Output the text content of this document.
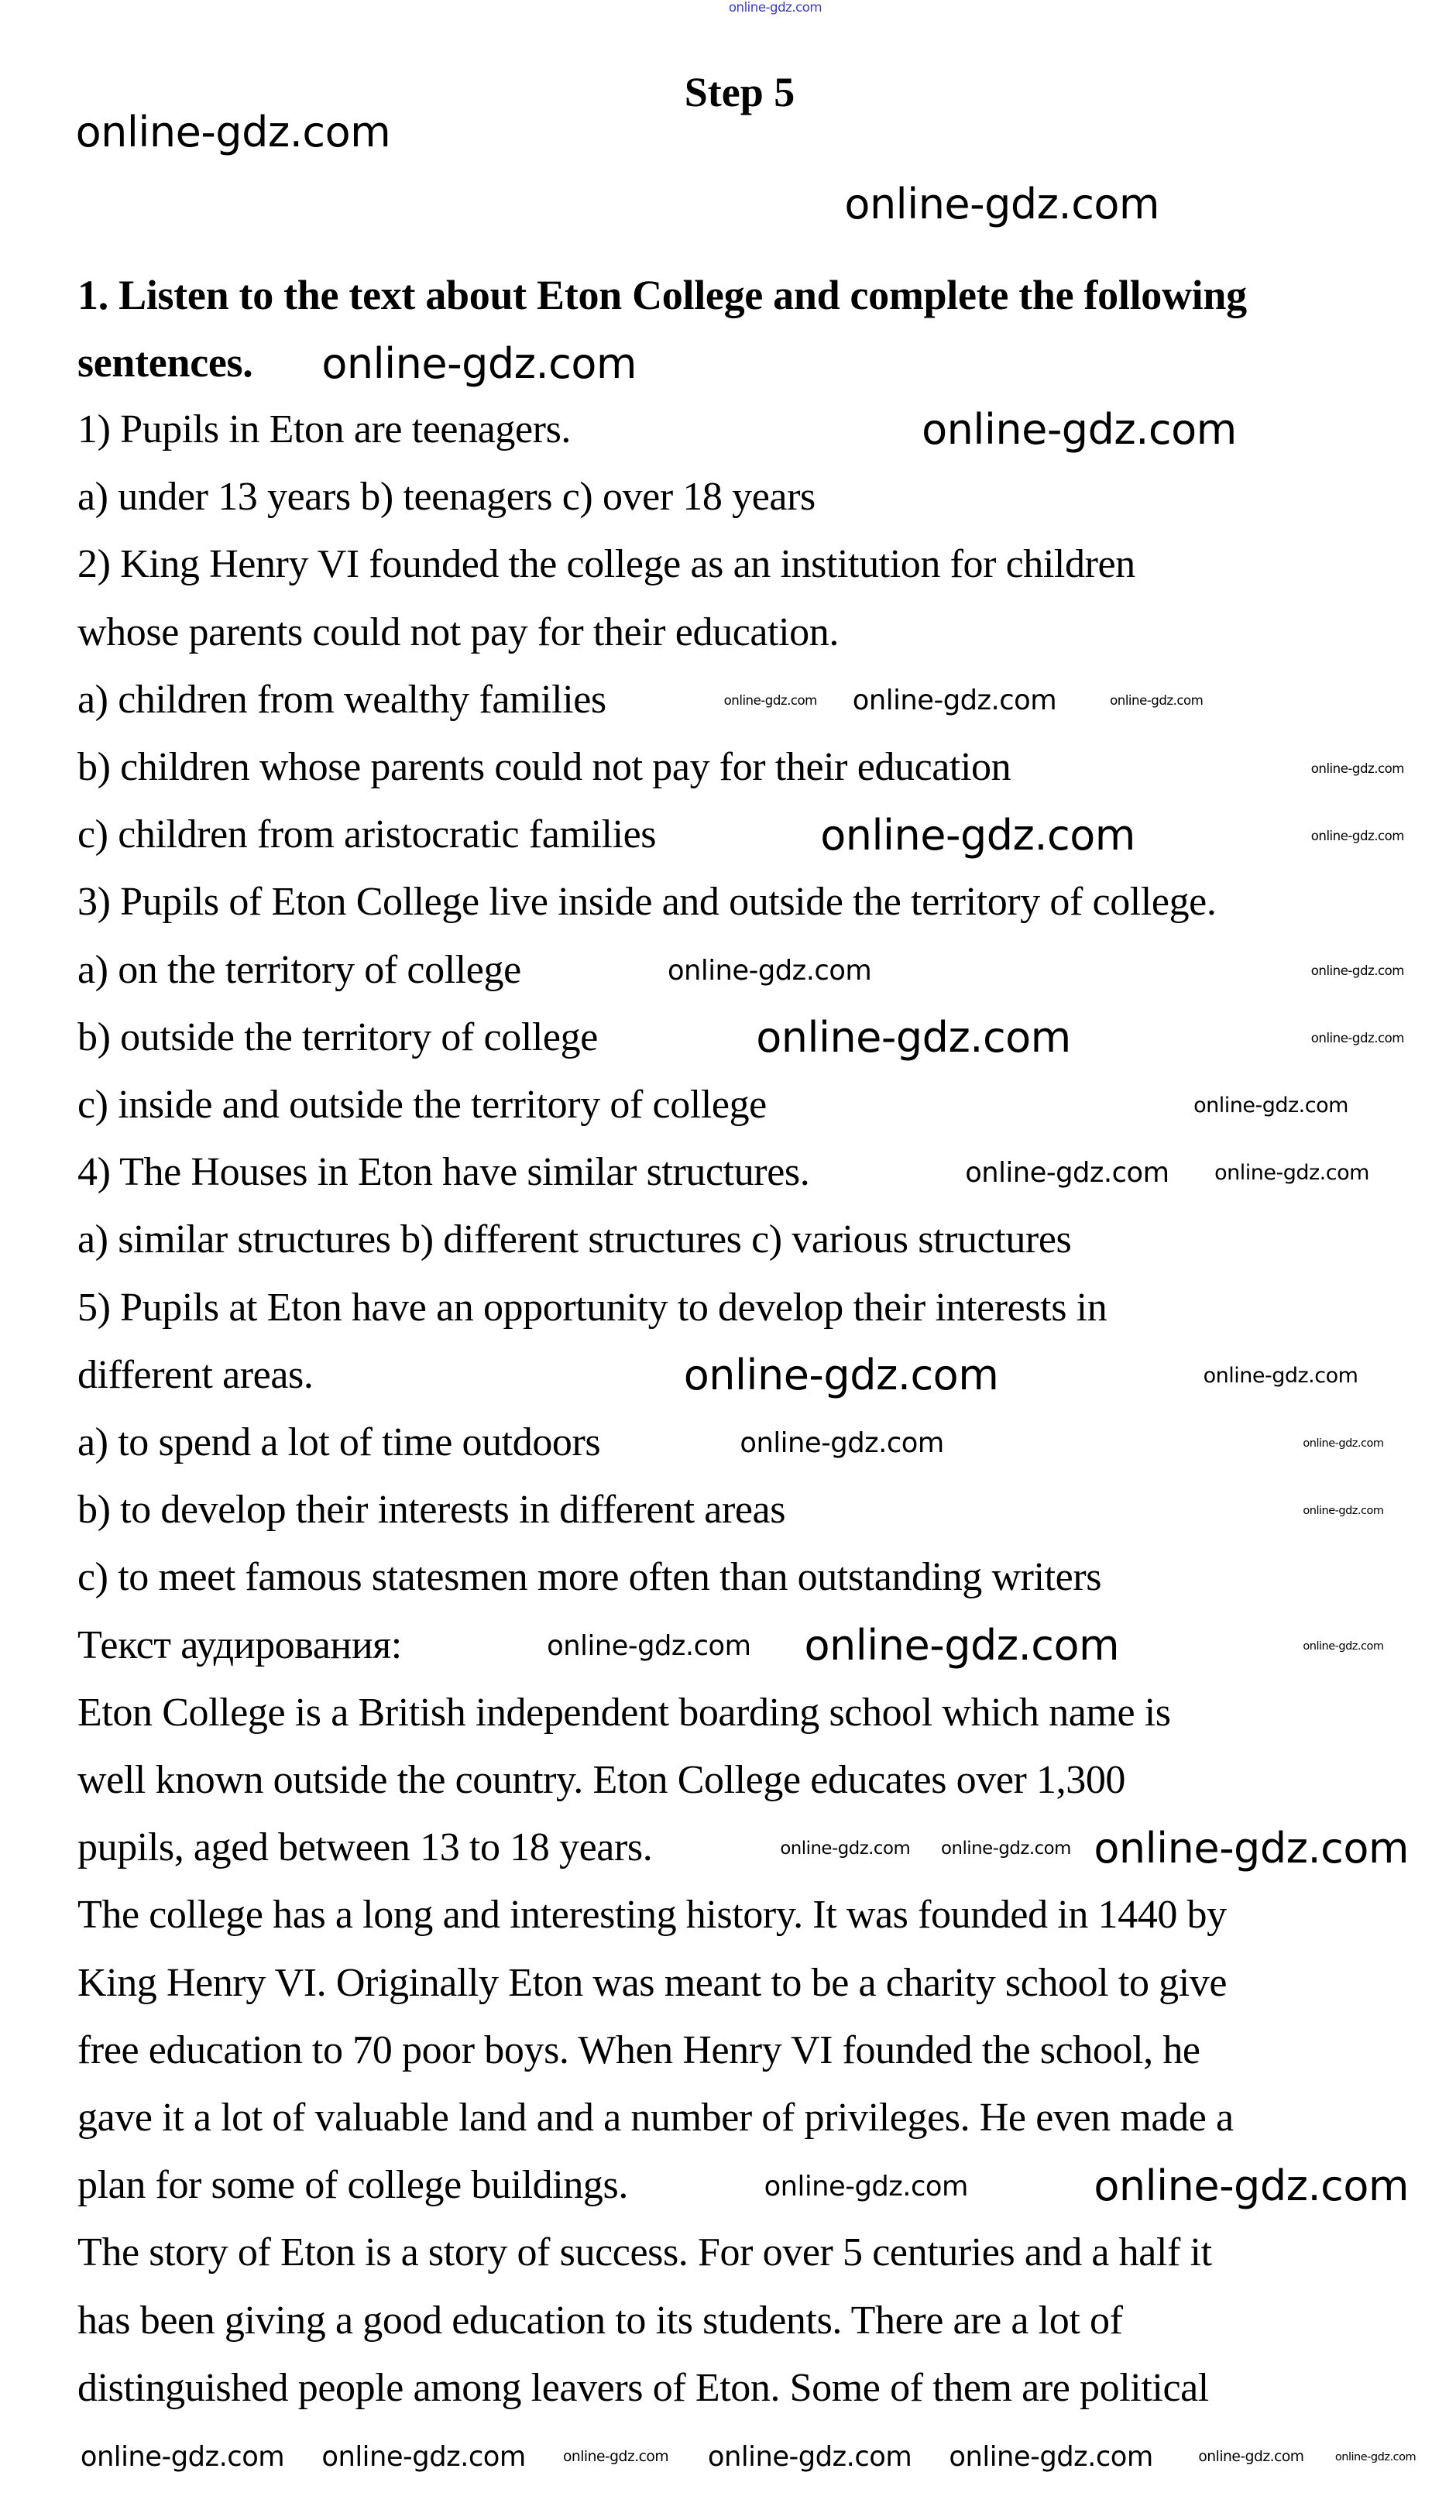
Step 5
1. Listen to the text about Eton College and complete the following
sentences.
1) Pupils in Eton are teenagers.
a) under 13 years b) teenagers c) over 18 years
2) King Henry VI founded the college as an institution for children
whose parents could not pay for their education.
a) children from wealthy families
b) children whose parents could not pay for their education
c) children from aristocratic families
3) Pupils of Eton College live inside and outside the territory of college.
a) on the territory of college
b) outside the territory of college
c) inside and outside the territory of college
4) The Houses in Eton have similar structures.
a) similar structures b) different structures c) various structures
5) Pupils at Eton have an opportunity to develop their interests in
different areas.
a) to spend a lot of time outdoors
b) to develop their interests in different areas
c) to meet famous statesmen more often than outstanding writers
Текст аудирования:
Eton College is a British independent boarding school which name is
well known outside the country. Eton College educates over 1,300
pupils, aged between 13 to 18 years.
The college has a long and interesting history. It was founded in 1440 by
King Henry VI. Originally Eton was meant to be a charity school to give
free education to 70 poor boys. When Henry VI founded the school, he
gave it a lot of valuable land and a number of privileges. He even made a
plan for some of college buildings.
The story of Eton is a story of success. For over 5 centuries and a half it
has been giving a good education to its students. There are a lot of
distinguished people among leavers of Eton. Some of them are political
online-gdz.com
online-gdz.com
online-gdz.com
online-gdz.com
online-gdz.com
online-gdz.com online-gdz.com	online-gdz.com
online-gdz.com
online-gdz.com	online-gdz.com
online-gdz.com
online-gdz.com
online-gdz.com
online-gdz.com
online-gdz.com
online-gdz.com
online-gdz.com
online-gdz.com
online-gdz.com
online-gdz.com	online-gdz.com
online-gdz.com
online-gdz.com
online-gdz.com
online-gdz.com online-gdz.com
online-gdz.com online-gdz.com
online-gdz.com
online-gdz.com
online-gdz.com
online-gdz.com
online-gdz.com
online-gdz.com online-gdz.com online-gdz.com	online-gdz.com
